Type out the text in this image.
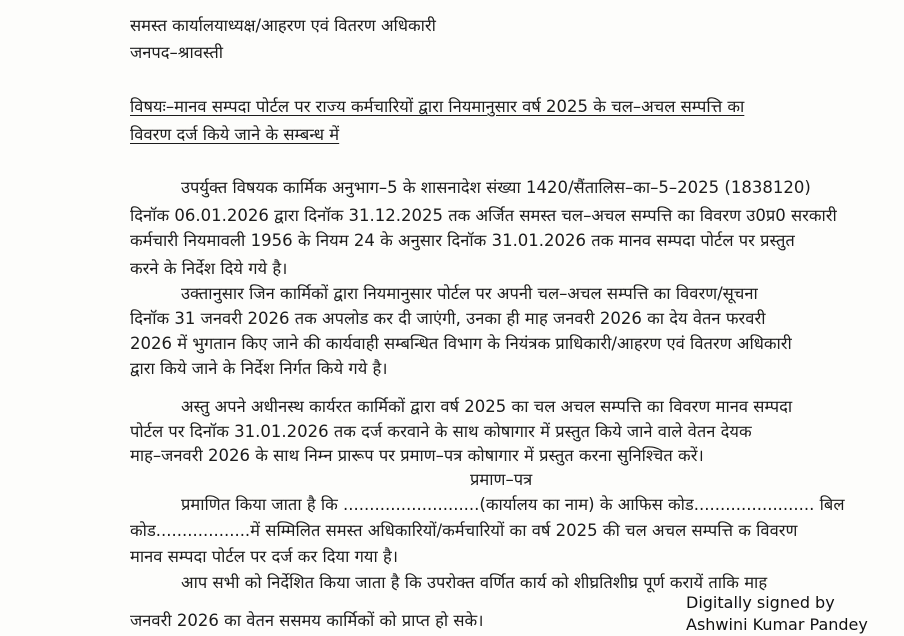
समस्त कार्यालयाध्यक्ष/आहरण एवं वितरण अधिकारी
जनपद–श्रावस्ती
विषयः–मानव सम्पदा पोर्टल पर राज्य कर्मचारियों द्वारा नियमानुसार वर्ष 2025 के चल–अचल सम्पत्ति का
विवरण दर्ज किये जाने के सम्बन्ध में
उपर्युक्त विषयक कार्मिक अनुभाग–5 के शासनादेश संख्या 1420/सैंतालिस–का–5–2025 (1838120)
दिनॉक 06.01.2026 द्वारा दिनॉक 31.12.2025 तक अर्जित समस्त चल–अचल सम्पत्ति का विवरण उ0प्र0 सरकारी
कर्मचारी नियमावली 1956 के नियम 24 के अनुसार दिनॉक 31.01.2026 तक मानव सम्पदा पोर्टल पर प्रस्तुत
करने के निर्देश दिये गये है।
उक्तानुसार जिन कार्मिकों द्वारा नियमानुसार पोर्टल पर अपनी चल–अचल सम्पत्ति का विवरण/सूचना
दिनॉक 31 जनवरी 2026 तक अपलोड कर दी जाएंगी, उनका ही माह जनवरी 2026 का देय वेतन फरवरी
2026 में भुगतान किए जाने की कार्यवाही सम्बन्धित विभाग के नियंत्रक प्राधिकारी/आहरण एवं वितरण अधिकारी
द्वारा किये जाने के निर्देश निर्गत किये गये है।
अस्तु अपने अधीनस्थ कार्यरत कार्मिकों द्वारा वर्ष 2025 का चल अचल सम्पत्ति का विवरण मानव सम्पदा
पोर्टल पर दिनॉक 31.01.2026 तक दर्ज करवाने के साथ कोषागार में प्रस्तुत किये जाने वाले वेतन देयक
माह–जनवरी 2026 के साथ निम्न प्रारूप पर प्रमाण–पत्र कोषागार में प्रस्तुत करना सुनिश्चित करें।
प्रमाण–पत्र
प्रमाणित किया जाता है कि ..........................(कार्यालय का नाम) के आफिस कोड....................... बिल
कोड..................में सम्मिलित समस्त अधिकारियों/कर्मचारियों का वर्ष 2025 की चल अचल सम्पत्ति क विवरण
मानव सम्पदा पोर्टल पर दर्ज कर दिया गया है।
आप सभी को निर्देशित किया जाता है कि उपरोक्त वर्णित कार्य को शीघ्रतिशीघ्र पूर्ण करायें ताकि माह
जनवरी 2026 का वेतन ससमय कार्मिकों को प्राप्त हो सके।
Digitally signed by
Ashwini Kumar Pandey
